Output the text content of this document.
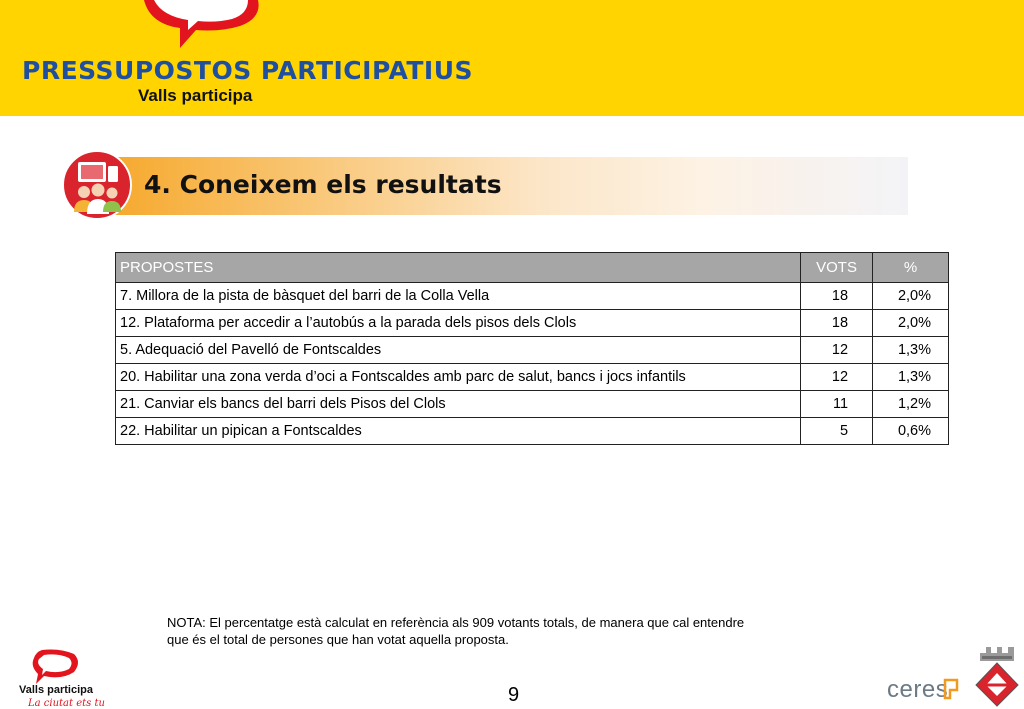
PRESSUPOSTOS PARTICIPATIUS
Valls participa
4. Coneixem els resultats
PROPOSTES	VOTS	%
7. Millora de la pista de bàsquet del barri de la Colla Vella	18	2,0%
12. Plataforma per accedir a l’autobús a la parada dels pisos dels Clols	18	2,0%
5. Adequació del Pavelló de Fontscaldes	12	1,3%
20. Habilitar una zona verda d’oci a Fontscaldes amb parc de salut, bancs i jocs infantils	12	1,3%
21. Canviar els bancs del barri dels Pisos del Clols	11	1,2%
22. Habilitar un pipican a Fontscaldes	5	0,6%
NOTA: El percentatge està calculat en referència als 909 votants totals, de manera que cal entendre
que és el total de persones que han votat aquella proposta.
La ciutat ets tu
Valls participa	9	ceres
